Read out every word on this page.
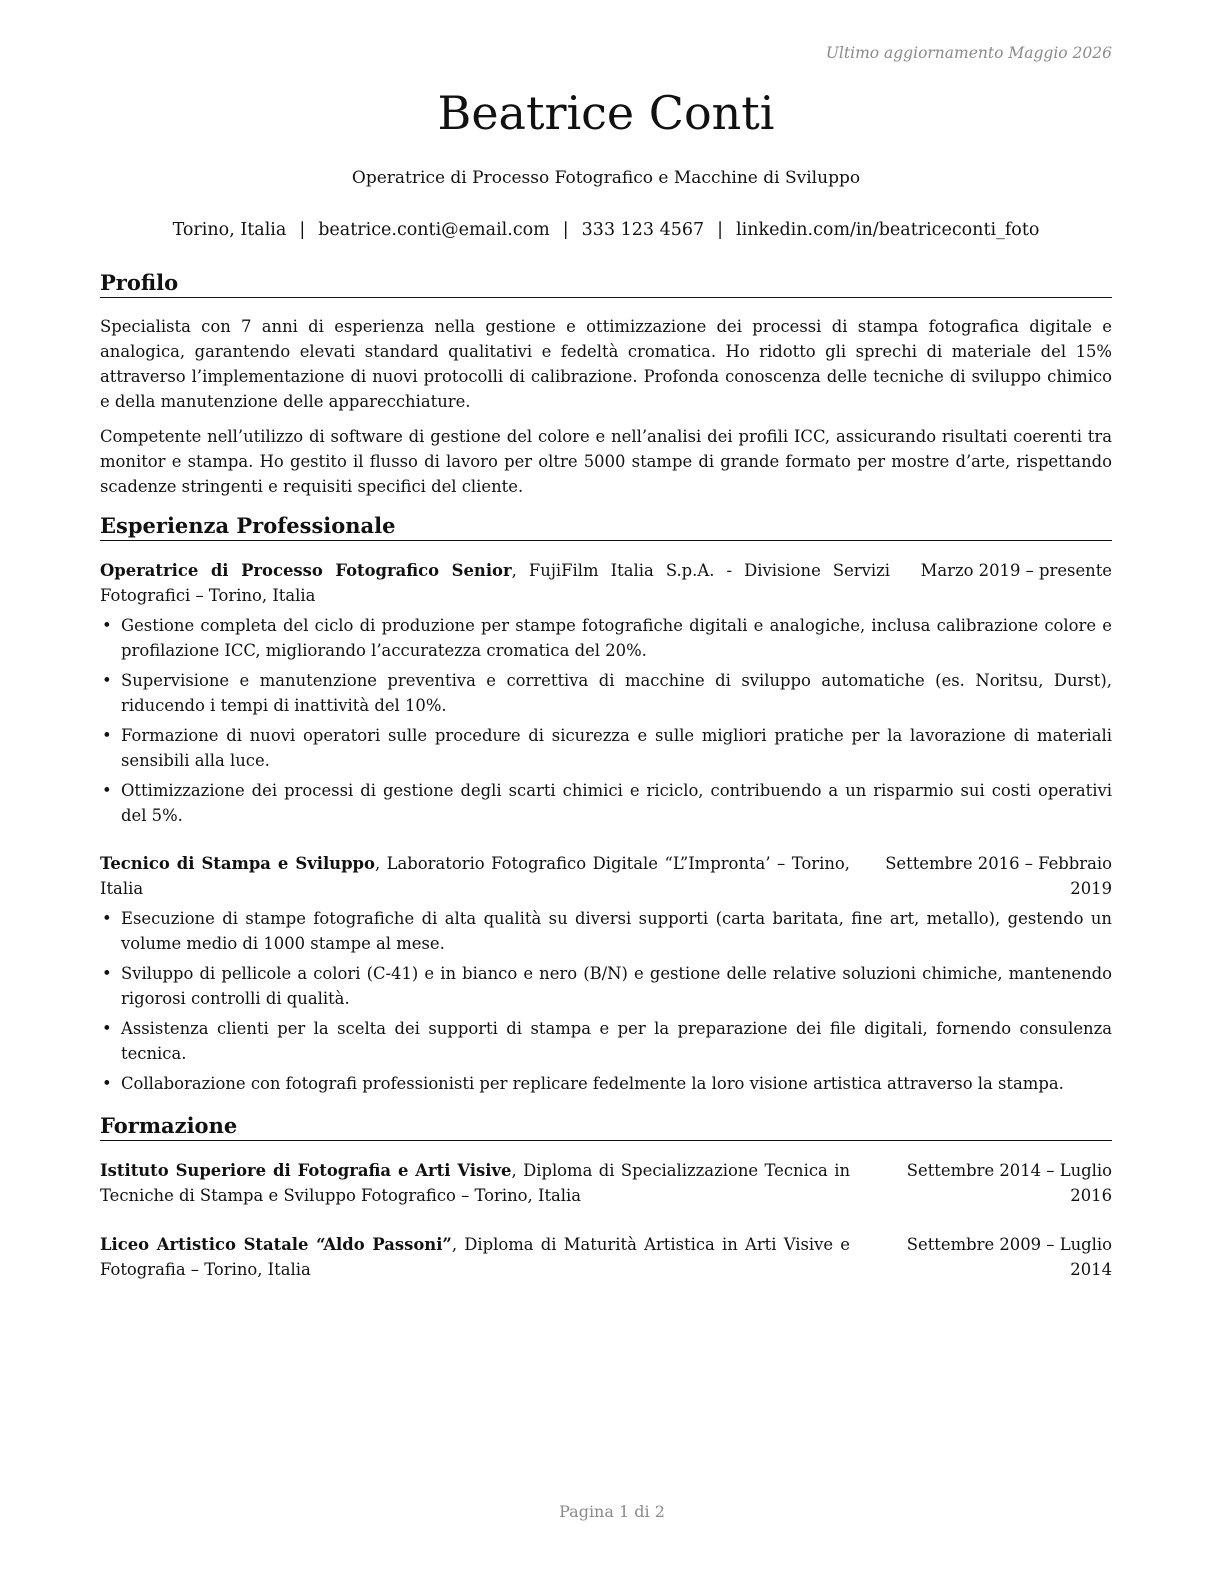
Ultimo aggiornamento Maggio 2026
Beatrice Conti
Operatrice di Processo Fotografico e Macchine di Sviluppo
Torino, Italia | beatrice.conti@email.com | 333 123 4567 | linkedin.com/in/beatriceconti_foto
Profilo
Specialista con 7 anni di esperienza nella gestione e ottimizzazione dei processi di stampa fotografica digitale e analogica, garantendo elevati standard qualitativi e fedeltà cromatica. Ho ridotto gli sprechi di materiale del 15% attraverso l’implementazione di nuovi protocolli di calibrazione. Profonda conoscenza delle tecniche di sviluppo chimico e della manutenzione delle apparecchiature.
Competente nell’utilizzo di software di gestione del colore e nell’analisi dei profili ICC, assicurando risultati coerenti tra monitor e stampa. Ho gestito il flusso di lavoro per oltre 5000 stampe di grande formato per mostre d’arte, rispettando scadenze stringenti e requisiti specifici del cliente.
Esperienza Professionale
Marzo 2019 – presente
Operatrice di Processo Fotografico Senior, FujiFilm Italia S.p.A. - Divisione Servizi Fotografici – Torino, Italia
• Gestione completa del ciclo di produzione per stampe fotografiche digitali e analogiche, inclusa calibrazione colore e profilazione ICC, migliorando l’accuratezza cromatica del 20%.
• Supervisione e manutenzione preventiva e correttiva di macchine di sviluppo automatiche (es. Noritsu, Durst), riducendo i tempi di inattività del 10%.
• Formazione di nuovi operatori sulle procedure di sicurezza e sulle migliori pratiche per la lavorazione di materiali sensibili alla luce.
• Ottimizzazione dei processi di gestione degli scarti chimici e riciclo, contribuendo a un risparmio sui costi operativi del 5%.
Settembre 2016 – Febbraio 2019
Tecnico di Stampa e Sviluppo, Laboratorio Fotografico Digitale “L”Impronta’ – Torino, Italia
• Esecuzione di stampe fotografiche di alta qualità su diversi supporti (carta baritata, fine art, metallo), gestendo un volume medio di 1000 stampe al mese.
• Sviluppo di pellicole a colori (C-41) e in bianco e nero (B/N) e gestione delle relative soluzioni chimiche, mantenendo rigorosi controlli di qualità.
• Assistenza clienti per la scelta dei supporti di stampa e per la preparazione dei file digitali, fornendo consulenza tecnica.
• Collaborazione con fotografi professionisti per replicare fedelmente la loro visione artistica attraverso la stampa.
Formazione
Settembre 2014 – Luglio 2016
Istituto Superiore di Fotografia e Arti Visive, Diploma di Specializzazione Tecnica in Tecniche di Stampa e Sviluppo Fotografico – Torino, Italia
Settembre 2009 – Luglio 2014
Liceo Artistico Statale “Aldo Passoni”, Diploma di Maturità Artistica in Arti Visive e Fotografia – Torino, Italia
Pagina 1 di 2
